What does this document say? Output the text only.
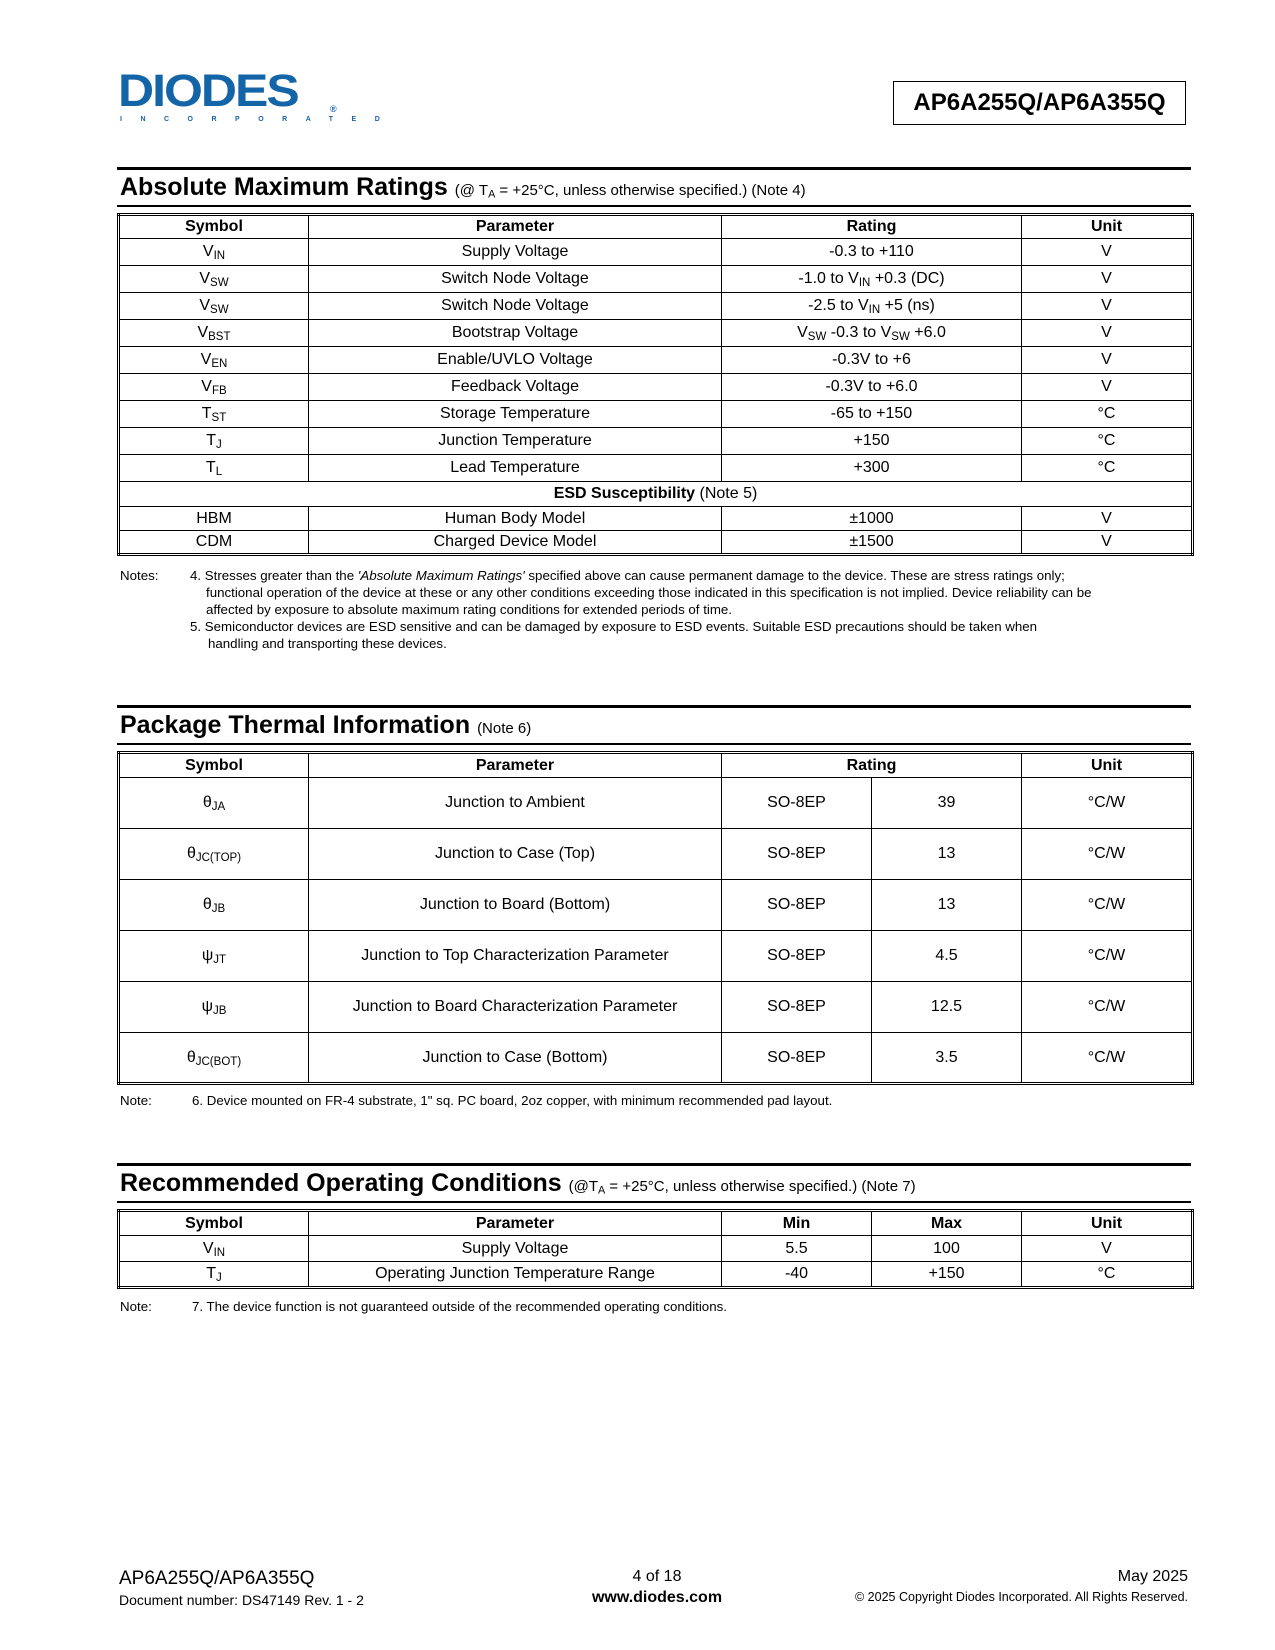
DIODES	®
INCORPORATED
AP6A255Q/AP6A355Q
Absolute Maximum Ratings (@ TA = +25°C, unless otherwise specified.) (Note 4)
Symbol	Parameter	Rating	Unit
VIN	Supply Voltage	-0.3 to +110	V
VSW	Switch Node Voltage	-1.0 to VIN +0.3 (DC)	V
VSW	Switch Node Voltage	-2.5 to VIN +5 (ns)	V
VBST	Bootstrap Voltage	VSW -0.3 to VSW +6.0	V
VEN	Enable/UVLO Voltage	-0.3V to +6	V
VFB	Feedback Voltage	-0.3V to +6.0	V
TST	Storage Temperature	-65 to +150	°C
TJ	Junction Temperature	+150	°C
TL	Lead Temperature	+300	°C
ESD Susceptibility (Note 5)			
HBM	Human Body Model	±1000	V
CDM	Charged Device Model	±1500	V
Notes: 4. Stresses greater than the 'Absolute Maximum Ratings' specified above can cause permanent damage to the device. These are stress ratings only;
functional operation of the device at these or any other conditions exceeding those indicated in this specification is not implied. Device reliability can be
affected by exposure to absolute maximum rating conditions for extended periods of time.
5. Semiconductor devices are ESD sensitive and can be damaged by exposure to ESD events. Suitable ESD precautions should be taken when
handling and transporting these devices.
Package Thermal Information (Note 6)
Symbol	Parameter	Rating		Unit
θJA	Junction to Ambient	SO-8EP	39	°C/W
θJC(TOP)	Junction to Case (Top)	SO-8EP	13	°C/W
θJB	Junction to Board (Bottom)	SO-8EP	13	°C/W
ψJT	Junction to Top Characterization Parameter	SO-8EP	4.5	°C/W
ψJB	Junction to Board Characterization Parameter	SO-8EP	12.5	°C/W
θJC(BOT)	Junction to Case (Bottom)	SO-8EP	3.5	°C/W
Note:	6. Device mounted on FR-4 substrate, 1" sq. PC board, 2oz copper, with minimum recommended pad layout.
Recommended Operating Conditions (@TA = +25°C, unless otherwise specified.) (Note 7)
Symbol	Parameter	Min	Max	Unit
VIN	Supply Voltage	5.5	100	V
TJ	Operating Junction Temperature Range	-40	+150	°C
Note:	7. The device function is not guaranteed outside of the recommended operating conditions.
AP6A255Q/AP6A355Q
Document number: DS47149 Rev. 1 - 2
4 of 18
www.diodes.com
May 2025
© 2025 Copyright Diodes Incorporated. All Rights Reserved.
